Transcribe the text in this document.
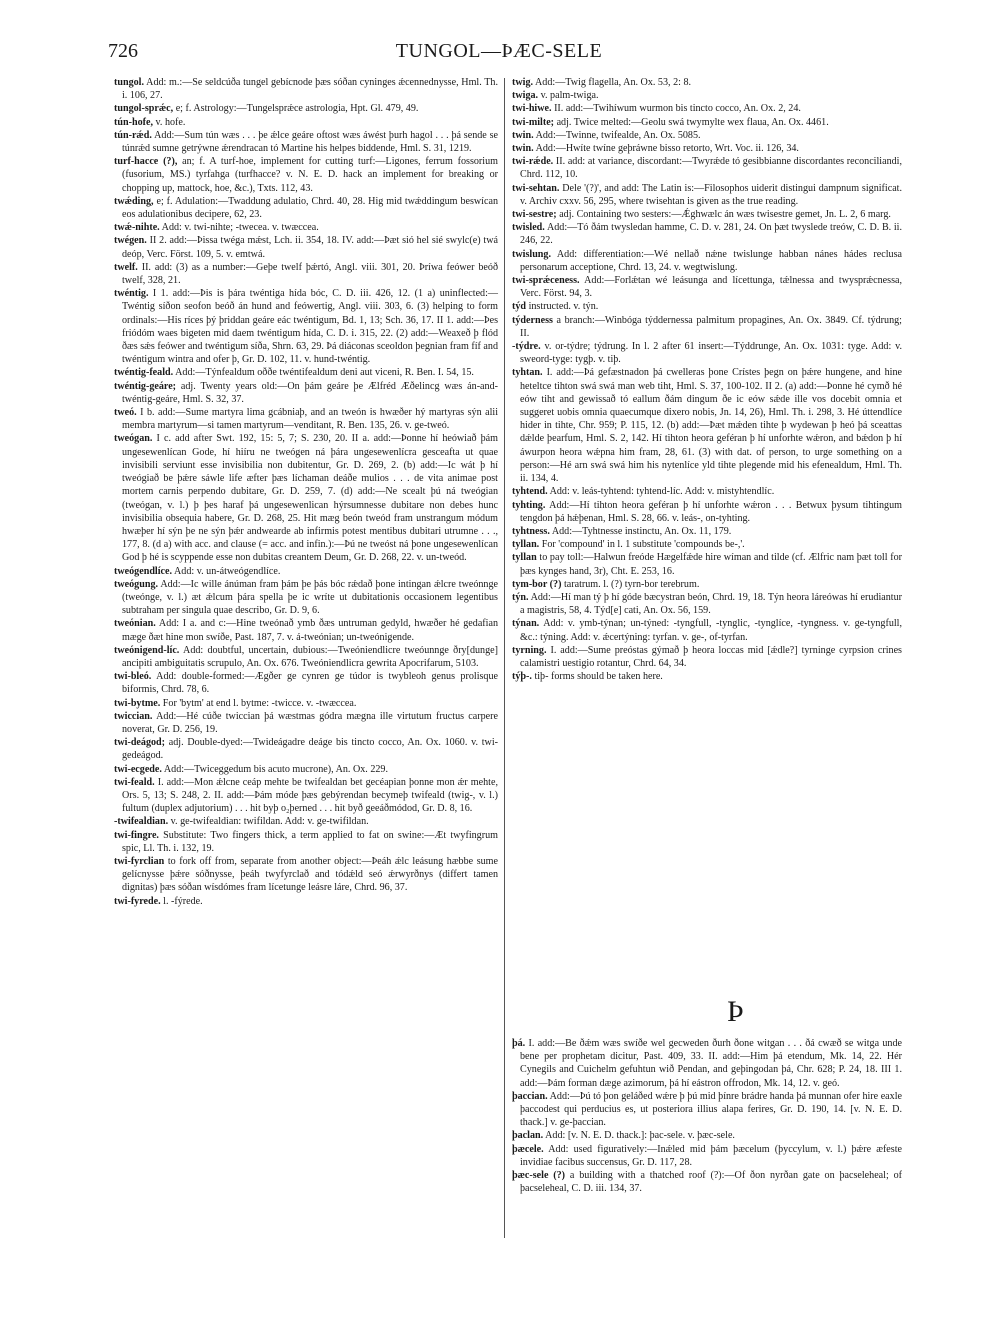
726	TUNGOL—ÞÆC-SELE

tungol. Add: m.:—Se seldcúða tungel gebícnode þæs sóðan cyninges ǽcennednysse, Hml. Th. i. 106, 27.

tungol-sprǽc, e; f. Astrology:—Tungelsprǽce astrologia, Hpt. Gl. 479, 49.

tún-hofe, v. hofe.

tún-rǽd. Add:—Sum tún wæs . . . þe ǽlce geáre oftost wæs áwést þurh hagol . . . þá sende se túnrǽd sumne getrýwne ǽrendracan tó Martine his helpes biddende, Hml. S. 31, 1219.

turf-hacce (?), an; f. A turf-hoe, implement for cutting turf:—Ligones, ferrum fossorium (fusorium, MS.) tyrfahga (turfhacce? v. N. E. D. hack an implement for breaking or chopping up, mattock, hoe, &c.), Txts. 112, 43.

twǽding, e; f. Adulation:—Twaddung adulatio, Chrd. 40, 28. Hig mid twǽddingum beswícan eos adulationibus decipere, 62, 23.

twǽ-nihte. Add: v. twi-nihte; -twecea. v. twæccea.

twégen. II 2. add:—Þissa twéga mǽst, Lch. ii. 354, 18. IV. add:—Þæt sió hel sié swylc(e) twá deóp, Verc. Först. 109, 5. v. emtwá.

twelf. II. add: (3) as a number:—Geþe twelf þǽrtó, Angl. viii. 301, 20. Þríwa feówer beóð twelf, 328, 21.

twéntig. I 1. add:—Þis is þára twéntiga hída bóc, C. D. iii. 426, 12. (1 a) uninflected:—Twéntig síðon seofon beóð án hund and feówertig, Angl. viii. 303, 6. (3) helping to form ordinals:—His ríces þý þriddan geáre eác twéntigum, Bd. 1, 13; Sch. 36, 17. II 1. add:—Þes friódóm waes bigeten mid daem twéntigum hída, C. D. i. 315, 22. (2) add:—Weaxeð þ flód ðæs sǽs feówer and twéntigum síða, Shrn. 63, 29. Þá diáconas sceoldon þegnian fram fíf and twéntigum wintra and ofer þ, Gr. D. 102, 11. v. hund-twéntig.

twéntig-feald. Add:—Týnfealdum oððe twéntifealdum deni aut viceni, R. Ben. I. 54, 15.

twéntig-geáre; adj. Twenty years old:—On þám geáre þe Ælfréd Æðelincg wæs án-and-twéntig-geáre, Hml. S. 32, 37.

tweó. I b. add:—Sume martyra lima gcábniaþ, and an tweón is hwæðer hý martyras sýn alii membra martyrum—si tamen martyrum—venditant, R. Ben. 135, 26. v. ge-tweó.

tweógan. I c. add after Swt. 192, 15: 5, 7; S. 230, 20. II a. add:—Þonne hí heówiað þám ungesewenlícan Gode, hí hiíru ne tweógen ná þára ungesewenlícra gesceafta ut quae invisibili serviunt esse invisibilia non dubitentur, Gr. D. 269, 2. (b) add:—Ic wát þ hí tweógiað be þǽre sáwle life æfter þæs líchaman deáðe mulios . . . de vita animae post mortem carnis perpendo dubitare, Gr. D. 259, 7. (d) add:—Ne scealt þú ná tweógian (tweógan, v. l.) þ þes haraf þá ungesewenlican hýrsumnesse dubitare non debes hunc invisibilia obsequia habere, Gr. D. 268, 25. Hit mæg beón tweód fram unstrangum módum hwæþer hí sýn þe ne sýn þǽr andwearde ab infirmis potest mentibus dubitari utrumne . . ., 177, 8. (d a) with acc. and clause (= acc. and infin.):—Þú ne tweóst ná þone ungesewenlícan God þ hé is scyppende esse non dubitas creantem Deum, Gr. D. 268, 22. v. un-tweód.

tweógendlíce. Add: v. un-átweógendlíce.

tweógung. Add:—Ic wille ánúman fram þám þe þás bóc rǽdað þone intingan ǽlcre tweónnge (tweónge, v. l.) æt ǽlcum þára spella þe ic wríte ut dubitationis occasionem legentibus subtraham per singula quae describo, Gr. D. 9, 6.

tweónian. Add: I a. and c:—Hine tweónað ymb ðæs untruman gedyld, hwæðer hé gedafian mæge ðæt hine mon swíðe, Past. 187, 7. v. á-tweónian; un-tweónigende.

tweónigend-líc. Add: doubtful, uncertain, dubious:—Tweóniendlicre tweóunnge ðry[dunge] ancipiti ambiguitatis scrupulo, An. Ox. 676. Tweóniendlicra gewrita Apocrifarum, 5103.

twi-bleó. Add: double-formed:—Ægðer ge cynren ge túdor is twybleoh genus prolisque biformis, Chrd. 78, 6.

twi-bytme. For 'bytm' at end l. bytme: -twicce. v. -twæccea.

twiccian. Add:—Hé cúðe twiccian þá wæstmas gódra mægna ille virtutum fructus carpere noverat, Gr. D. 256, 19.

twi-deágod; adj. Double-dyed:—Twideágadre deáge bis tincto cocco, An. Ox. 1060. v. twi-gedeágod.

twi-ecgede. Add:—Twiceggedum bis acuto mucrone), An. Ox. 229.

twi-feald. I. add:—Mon ǽlcne ceáp mehte be twifealdan bet gecéapian þonne mon ǽr mehte, Ors. 5, 13; S. 248, 2. II. add:—Þám móde þæs gebýrendan becymeþ twifeald (twig-, v. l.) fultum (duplex adjutorium) . . . hit byþ o₂þerned . . . hit byð geeáðmódod, Gr. D. 8, 16.

-twifealdian. v. ge-twifealdian: twifildan. Add: v. ge-twifildan.

twi-fingre. Substitute: Two fingers thick, a term applied to fat on swine:—Æt twyfingrum spic, Ll. Th. i. 132, 19.

twi-fyrclian to fork off from, separate from another object:—Þeáh ǽlc leásung hæbbe sume gelícnysse þǽre sóðnysse, þeáh twyfyrclað and tódǽld seó ǽrwyrðnys (differt tamen dignitas) þæs sóðan wísdómes fram lícetunge leásre láre, Chrd. 96, 37.

twi-fyrede. l. -fýrede.

twig. Add:—Twig flagella, An. Ox. 53, 2: 8.

twiga. v. palm-twiga.

twi-hiwe. II. add:—Twihíwum wurmon bis tincto cocco, An. Ox. 2, 24.

twi-milte; adj. Twice melted:—Geolu swá twymylte wex flaua, An. Ox. 4461.

twin. Add:—Twinne, twifealde, An. Ox. 5085.

twin. Add:—Hwíte twíne geþráwne bisso retorto, Wrt. Voc. ii. 126, 34.

twi-rǽde. II. add: at variance, discordant:—Twyrǽde tó gesibbianne discordantes reconciliandi, Chrd. 112, 10.

twi-sehtan. Dele '(?)', and add: The Latin is:—Filosophos uiderit distingui dampnum significat. v. Archiv cxxv. 56, 295, where twisehtan is given as the true reading.

twi-sestre; adj. Containing two sesters:—Ǽghwælc án wæs twisestre gemet, Jn. L. 2, 6 marg.

twisled. Add:—Tó ðám twysledan hamme, C. D. v. 281, 24. On þæt twyslede treów, C. D. B. ii. 246, 22.

twislung. Add: differentiation:—Wé nellað nǽne twislunge habban nánes hádes reclusa personarum acceptione, Chrd. 13, 24. v. wegtwislung.

twi-sprǽceness. Add:—Forlǽtan wé leásunga and lícettunga, tǽlnessa and twysprǽcnessa, Verc. Först. 94, 3.

týd instructed. v. týn.

týderness a branch:—Winbóga týddernessa palmitum propagines, An. Ox. 3849. Cf. týdrung; II.

-týdre. v. or-týdre; týdrung. In l. 2 after 61 insert:—Týddrunge, An. Ox. 1031: tyge. Add: v. sweord-tyge: tygþ. v. tiþ.

tyhtan. I. add:—Þá gefæstnadon þá cwelleras þone Crístes þegn on þǽre hungene, and hine heteltce tihton swá swá man web tiht, Hml. S. 37, 100-102. II 2. (a) add:—Þonne hé cymð hé eów tiht and gewissað tó eallum ðám dingum ðe ic eów sǽde ille vos docebit omnia et suggeret uobis omnia quaecumque dixero nobis, Jn. 14, 26), Hml. Th. i. 298, 3. Hé úttendlíce hider in tihte, Chr. 959; P. 115, 12. (b) add:—Þæt mǽden tihte þ wydewan þ heó þá sceattas dǽlde þearfum, Hml. S. 2, 142. Hí tihton heora geféran þ hí unforhte wǽron, and bǽdon þ hí áwurpon heora wǽpna him fram, 28, 61. (3) with dat. of person, to urge something on a person:—Hé arn swá swá him his nytenlíce yld tihte plegende mid his efenealdum, Hml. Th. ii. 134, 4.

tyhtend. Add: v. leás-tyhtend: tyhtend-líc. Add: v. mistyhtendlíc.

tyhting. Add:—Hí tihton heora geféran þ hí unforhte wǽron . . . Betwux þysum tihtingum tengdon þá hǽþenan, Hml. S. 28, 66. v. leás-, on-tyhting.

tyhtness. Add:—Tyhtnesse instinctu, An. Ox. 11, 179.

tyllan. For 'compound' in l. 1 substitute 'compounds be-,'.

tyllan to pay toll:—Halwun freóde Hægelfǽde hire wíman and tilde (cf. Ælfric nam þæt toll for þæs kynges hand, 3r), Cht. E. 253, 16.

tym-bor (?) taratrum. l. (?) tyrn-bor terebrum.

týn. Add:—Hí man tý þ hí góde bæcystran beón, Chrd. 19, 18. Týn heora láreówas hí erudiantur a magistris, 58, 4. Týd[e] cati, An. Ox. 56, 159.

týnan. Add: v. ymb-týnan; un-týned: -tyngfull, -tynglic, -tynglíce, -tyngness. v. ge-tyngfull, &c.: týning. Add: v. ǽcertýning: tyrfan. v. ge-, of-tyrfan.

tyrning. I. add:—Sume preóstas gýmað þ heora loccas mid [ǽdle?] tyrninge cyrpsion crines calamistri uestigio rotantur, Chrd. 64, 34.

týþ-. tiþ- forms should be taken here.

Þ

þá. I. add:—Be ðǽm wæs swíðe wel gecweden ðurh ðone witgan . . . ðá cwæð se witga unde bene per prophetam dicitur, Past. 409, 33. II. add:—Him þá etendum, Mk. 14, 22. Hér Cynegils and Cuichelm gefuhtun wið Pendan, and geþingodan þá, Chr. 628; P. 24, 18. III 1. add:—Þám forman dæge azimorum, þá hí eástron offrodon, Mk. 14, 12. v. geó.

þaccian. Add:—Þú tó þon geláðed wǽre þ þú mid þínre brádre handa þá munnan ofer hire eaxle þaccodest qui perducius es, ut posteriora illius alapa ferires, Gr. D. 190, 14. [v. N. E. D. thack.] v. ge-þaccian.

þaclan. Add: [v. N. E. D. thack.]: þac-sele. v. þæc-sele.

þæcele. Add: used figuratively:—Inǽled mid þám þæcelum (þyccylum, v. l.) þǽre æfeste invidiae facibus succensus, Gr. D. 117, 28.

þæc-sele (?) a building with a thatched roof (?):—Of ðon nyrðan gate on þacseleheal; of þacseleheal, C. D. iii. 134, 37.
